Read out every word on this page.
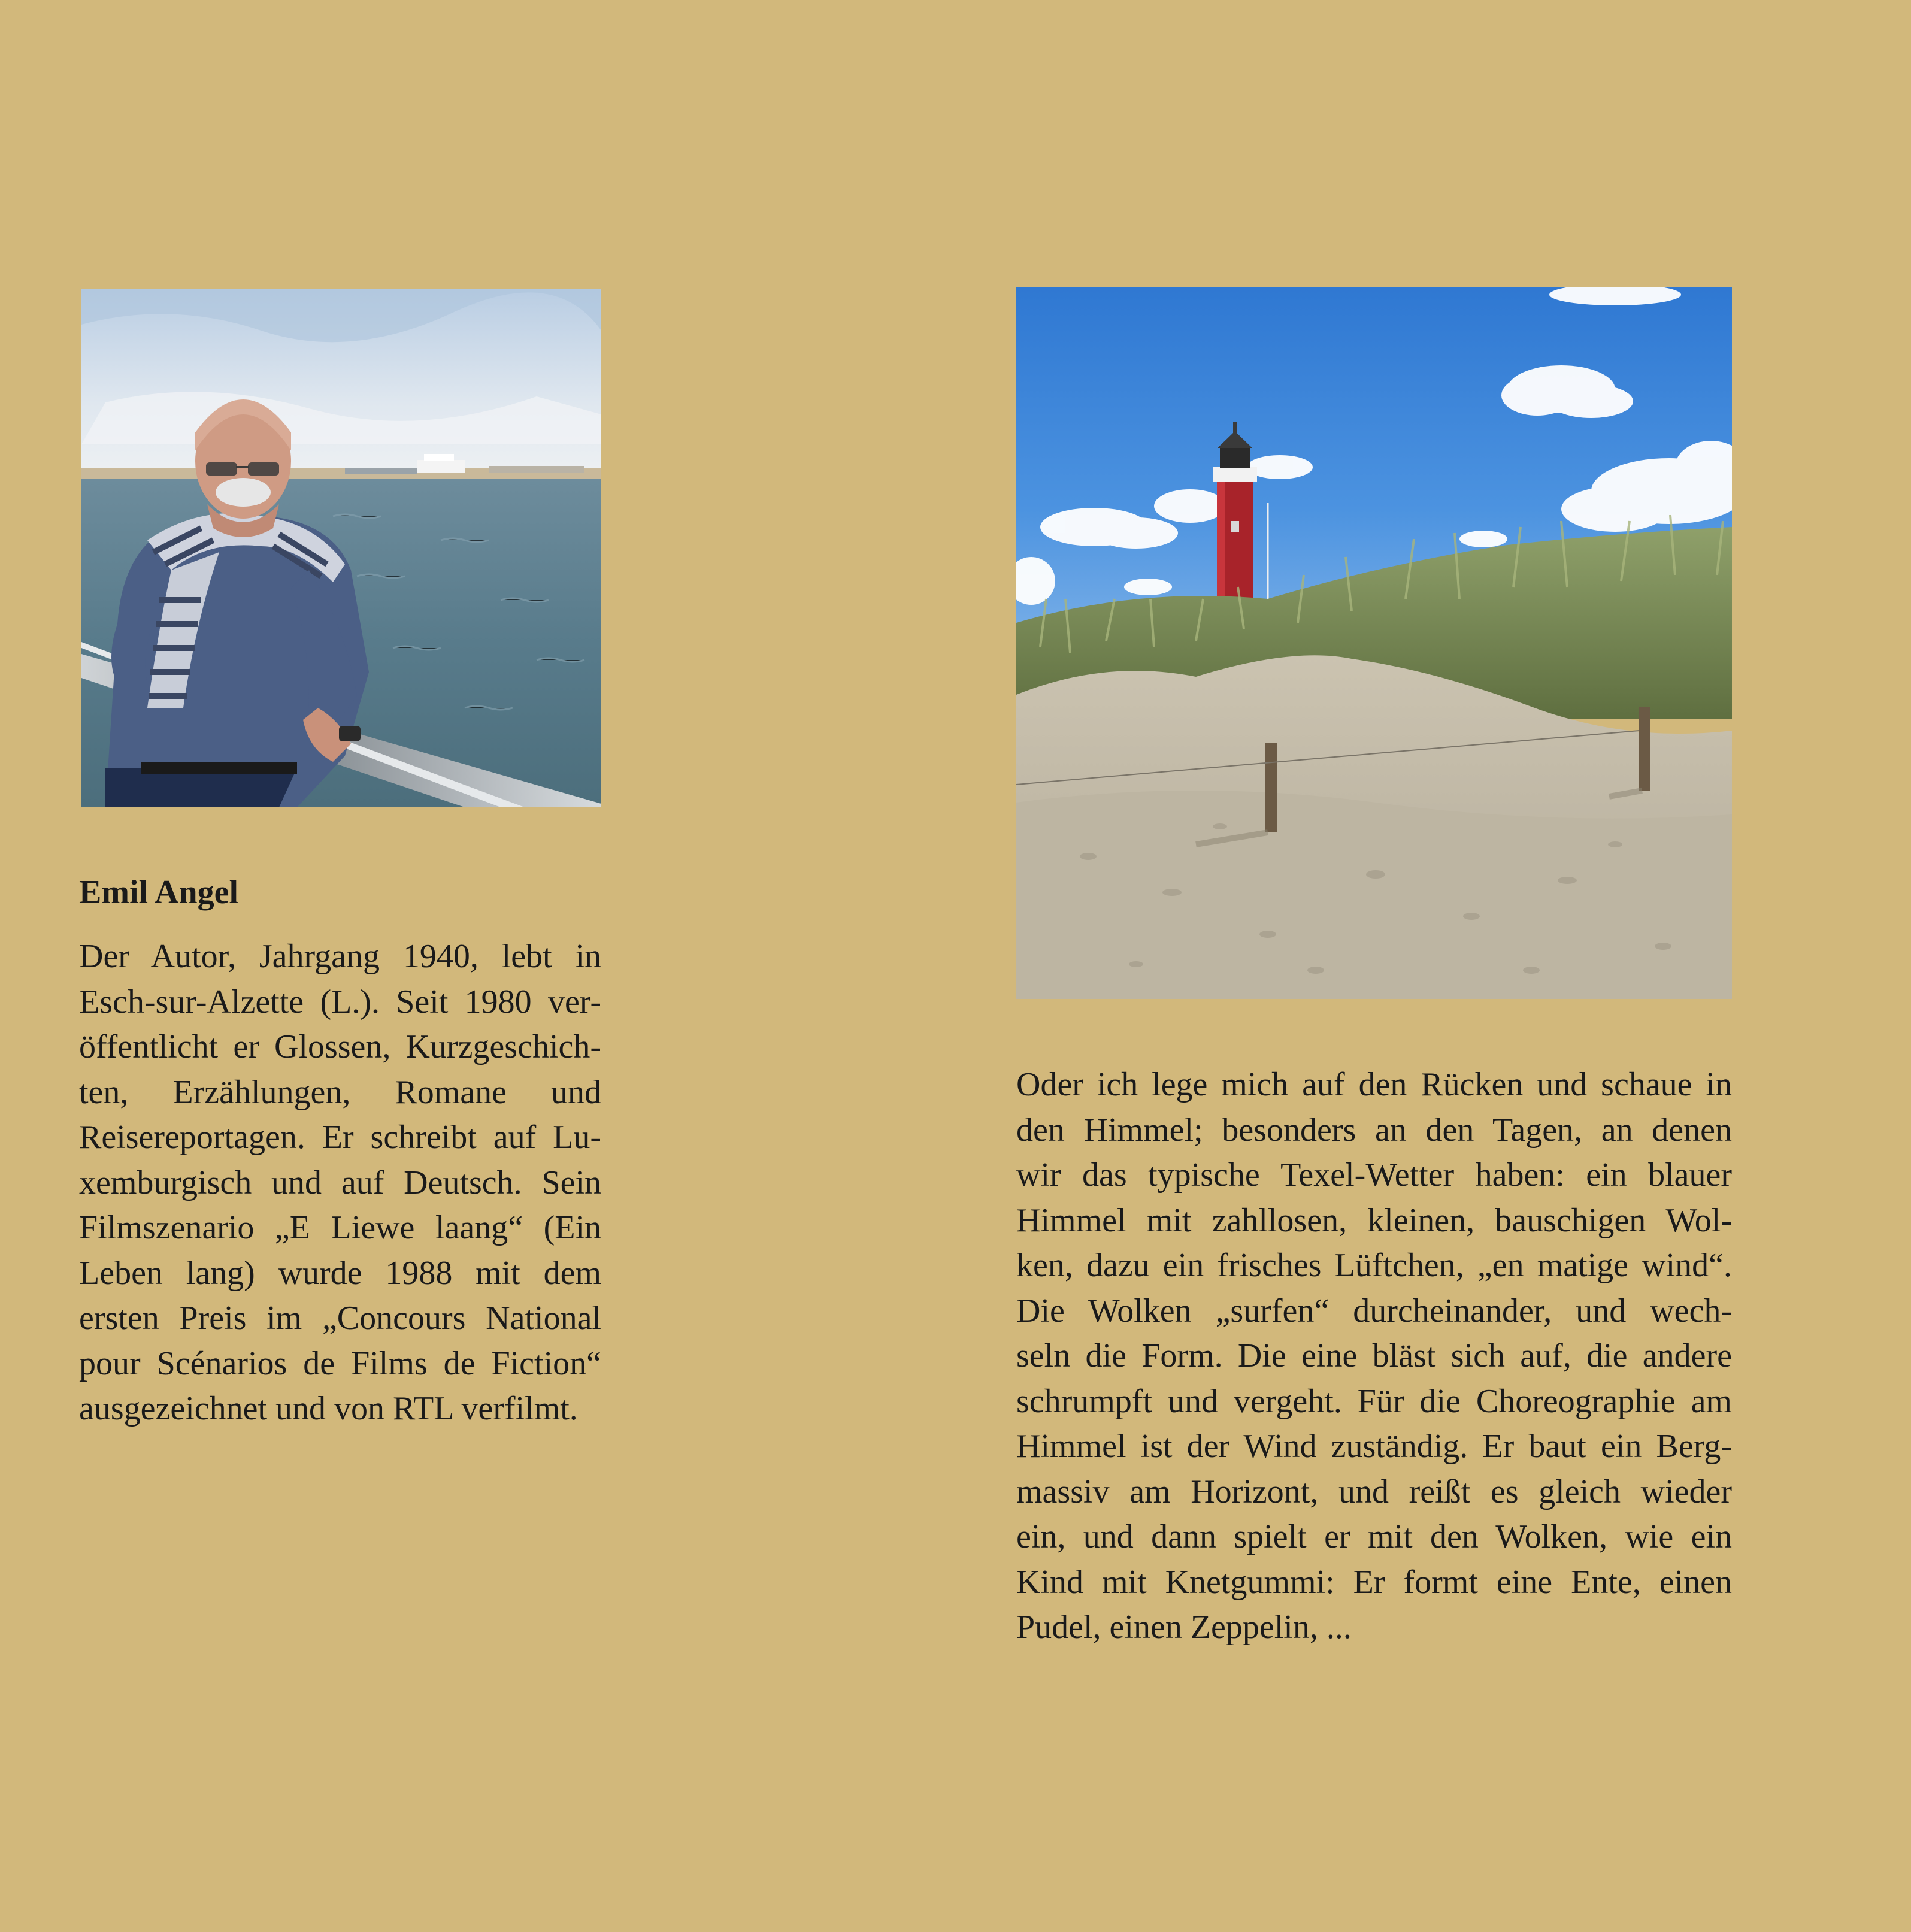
Emil Angel
Der Autor, Jahrgang 1940, lebt in
Esch-sur-Alzette (L.). Seit 1980 ver-
öffentlicht er Glossen, Kurzgeschich-
ten, Erzählungen, Romane und
Reisereportagen. Er schreibt auf Lu-
xemburgisch und auf Deutsch. Sein
Filmszenario „E Liewe laang“ (Ein
Leben lang) wurde 1988 mit dem
ersten Preis im „Concours National
pour Scénarios de Films de Fiction“
ausgezeichnet und von RTL verfilmt.
Oder ich lege mich auf den Rücken und schaue in
den Himmel; besonders an den Tagen, an denen
wir das typische Texel-Wetter haben: ein blauer
Himmel mit zahllosen, kleinen, bauschigen Wol-
ken, dazu ein frisches Lüftchen, „en matige wind“.
Die Wolken „surfen“ durcheinander, und wech-
seln die Form. Die eine bläst sich auf, die andere
schrumpft und vergeht. Für die Choreographie am
Himmel ist der Wind zuständig. Er baut ein Berg-
massiv am Horizont, und reißt es gleich wieder
ein, und dann spielt er mit den Wolken, wie ein
Kind mit Knetgummi: Er formt eine Ente, einen
Pudel, einen Zeppelin, ...
